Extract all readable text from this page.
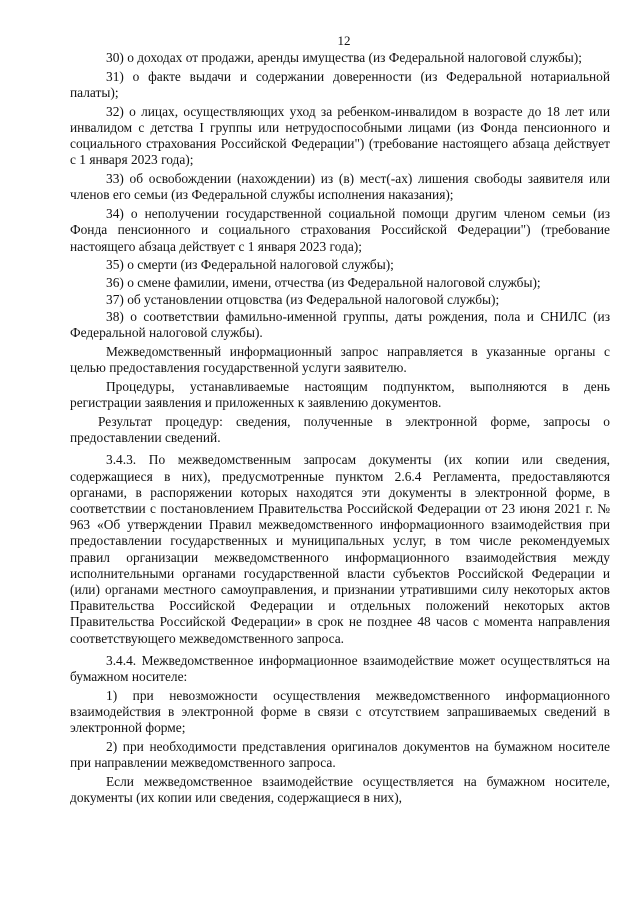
12

30) о доходах от продажи, аренды имущества (из Федеральной налоговой службы);

31) о факте выдачи и содержании доверенности (из Федеральной нотариальной палаты);

32) о лицах, осуществляющих уход за ребенком-инвалидом в возрасте до 18 лет или инвалидом с детства I группы или нетрудоспособными лицами (из Фонда пенсионного и социального страхования Российской Федерации") (требование настоящего абзаца действует с 1 января 2023 года);

33) об освобождении (нахождении) из (в) мест(-ах) лишения свободы заявителя или членов его семьи (из Федеральной службы исполнения наказания);

34) о неполучении государственной социальной помощи другим членом семьи (из Фонда пенсионного и социального страхования Российской Федерации") (требование настоящего абзаца действует с 1 января 2023 года);

35) о смерти (из Федеральной налоговой службы);

36) о смене фамилии, имени, отчества (из Федеральной налоговой службы);

37) об установлении отцовства (из Федеральной налоговой службы);

38) о соответствии фамильно-именной группы, даты рождения, пола и СНИЛС (из Федеральной налоговой службы).

Межведомственный информационный запрос направляется в указанные органы с целью предоставления государственной услуги заявителю.

Процедуры, устанавливаемые настоящим подпунктом, выполняются в день регистрации заявления и приложенных к заявлению документов.

Результат процедур: сведения, полученные в электронной форме, запросы о предоставлении сведений.

3.4.3. По межведомственным запросам документы (их копии или сведения, содержащиеся в них), предусмотренные пунктом 2.6.4 Регламента, предоставляются органами, в распоряжении которых находятся эти документы в электронной форме, в соответствии с постановлением Правительства Российской Федерации от 23 июня 2021 г. № 963 «Об утверждении Правил межведомственного информационного взаимодействия при предоставлении государственных и муниципальных услуг, в том числе рекомендуемых правил организации межведомственного информационного взаимодействия между исполнительными органами государственной власти субъектов Российской Федерации и (или) органами местного самоуправления, и признании утратившими силу некоторых актов Правительства Российской Федерации и отдельных положений некоторых актов Правительства Российской Федерации» в срок не позднее 48 часов с момента направления соответствующего межведомственного запроса.

3.4.4. Межведомственное информационное взаимодействие может осуществляться на бумажном носителе:

1) при невозможности осуществления межведомственного информационного взаимодействия в электронной форме в связи с отсутствием запрашиваемых сведений в электронной форме;

2) при необходимости представления оригиналов документов на бумажном носителе при направлении межведомственного запроса.

Если межведомственное взаимодействие осуществляется на бумажном носителе, документы (их копии или сведения, содержащиеся в них),
